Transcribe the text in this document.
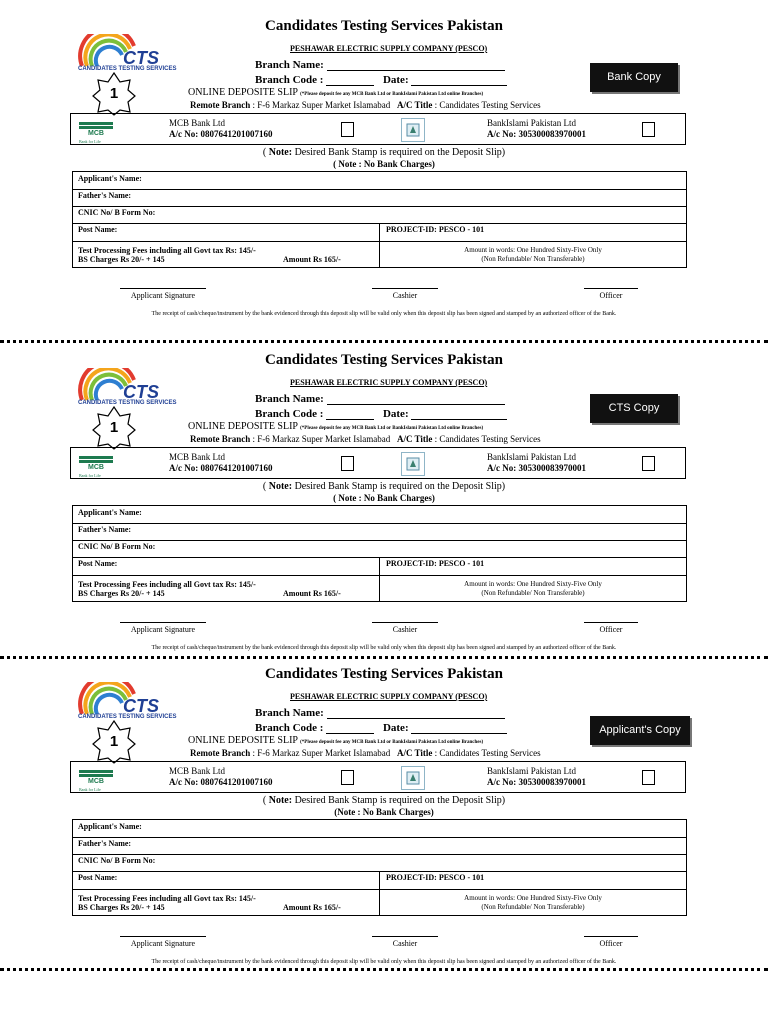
Candidates Testing Services Pakistan
CTS
CANDIDATES TESTING SERVICES
PESHAWAR ELECTRIC SUPPLY COMPANY (PESCO)
1
Branch Name:
Branch Code :	Date:	Bank Copy
ONLINE DEPOSITE SLIP (*Please deposit fee any MCB Bank Ltd or BankIslami Pakistan Ltd online Branches)
Remote Branch : F-6 Markaz Super Market Islamabad A/C Title : Candidates Testing Services
MCB
Bank for Life
MCB Bank Ltd
A/c No: 0807641201007160
BankIslami Pakistan Ltd
A/c No: 305300083970001
( Note: Desired Bank Stamp is required on the Deposit Slip)
( Note : No Bank Charges)
Applicant's Name:
Father's Name:
CNIC No/ B Form No:
Post Name:	PROJECT-ID: PESCO - 101
Test Processing Fees including all Govt tax Rs: 145/-
BS Charges Rs 20/- + 145	Amount Rs 165/-
Amount in words: One Hundred Sixty-Five Only
(Non Refundable/ Non Transferable)
Applicant Signature	Cashier	Officer
The receipt of cash/cheque/instrument by the bank evidenced through this deposit slip will be valid only when this deposit slip has been signed and stamped by an authorized officer of the Bank.
Candidates Testing Services Pakistan
CTS
CANDIDATES TESTING SERVICES
PESHAWAR ELECTRIC SUPPLY COMPANY (PESCO)
1
Branch Name:
Branch Code :	Date:	CTS Copy
ONLINE DEPOSITE SLIP (*Please deposit fee any MCB Bank Ltd or BankIslami Pakistan Ltd online Branches)
Remote Branch : F-6 Markaz Super Market Islamabad A/C Title : Candidates Testing Services
MCB
Bank for Life
MCB Bank Ltd
A/c No: 0807641201007160
BankIslami Pakistan Ltd
A/c No: 305300083970001
( Note: Desired Bank Stamp is required on the Deposit Slip)
( Note : No Bank Charges)
Applicant's Name:
Father's Name:
CNIC No/ B Form No:
Post Name:	PROJECT-ID: PESCO - 101
Test Processing Fees including all Govt tax Rs: 145/-
BS Charges Rs 20/- + 145	Amount Rs 165/-
Amount in words: One Hundred Sixty-Five Only
(Non Refundable/ Non Transferable)
Applicant Signature	Cashier	Officer
The receipt of cash/cheque/instrument by the bank evidenced through this deposit slip will be valid only when this deposit slip has been signed and stamped by an authorized officer of the Bank.
Candidates Testing Services Pakistan
CTS
CANDIDATES TESTING SERVICES
PESHAWAR ELECTRIC SUPPLY COMPANY (PESCO)
1
Branch Name:
Branch Code :	Date:	Applicant's Copy
ONLINE DEPOSITE SLIP (*Please deposit fee any MCB Bank Ltd or BankIslami Pakistan Ltd online Branches)
Remote Branch : F-6 Markaz Super Market Islamabad A/C Title : Candidates Testing Services
MCB
Bank for Life
MCB Bank Ltd
A/c No: 0807641201007160
BankIslami Pakistan Ltd
A/c No: 305300083970001
( Note: Desired Bank Stamp is required on the Deposit Slip)
(Note : No Bank Charges)
Applicant's Name:
Father's Name:
CNIC No/ B Form No:
Post Name:	PROJECT-ID: PESCO - 101
Test Processing Fees including all Govt tax Rs: 145/-
BS Charges Rs 20/- + 145	Amount Rs 165/-
Amount in words: One Hundred Sixty-Five Only
(Non Refundable/ Non Transferable)
Applicant Signature	Cashier	Officer
The receipt of cash/cheque/instrument by the bank evidenced through this deposit slip will be valid only when this deposit slip has been signed and stamped by an authorized officer of the Bank.
